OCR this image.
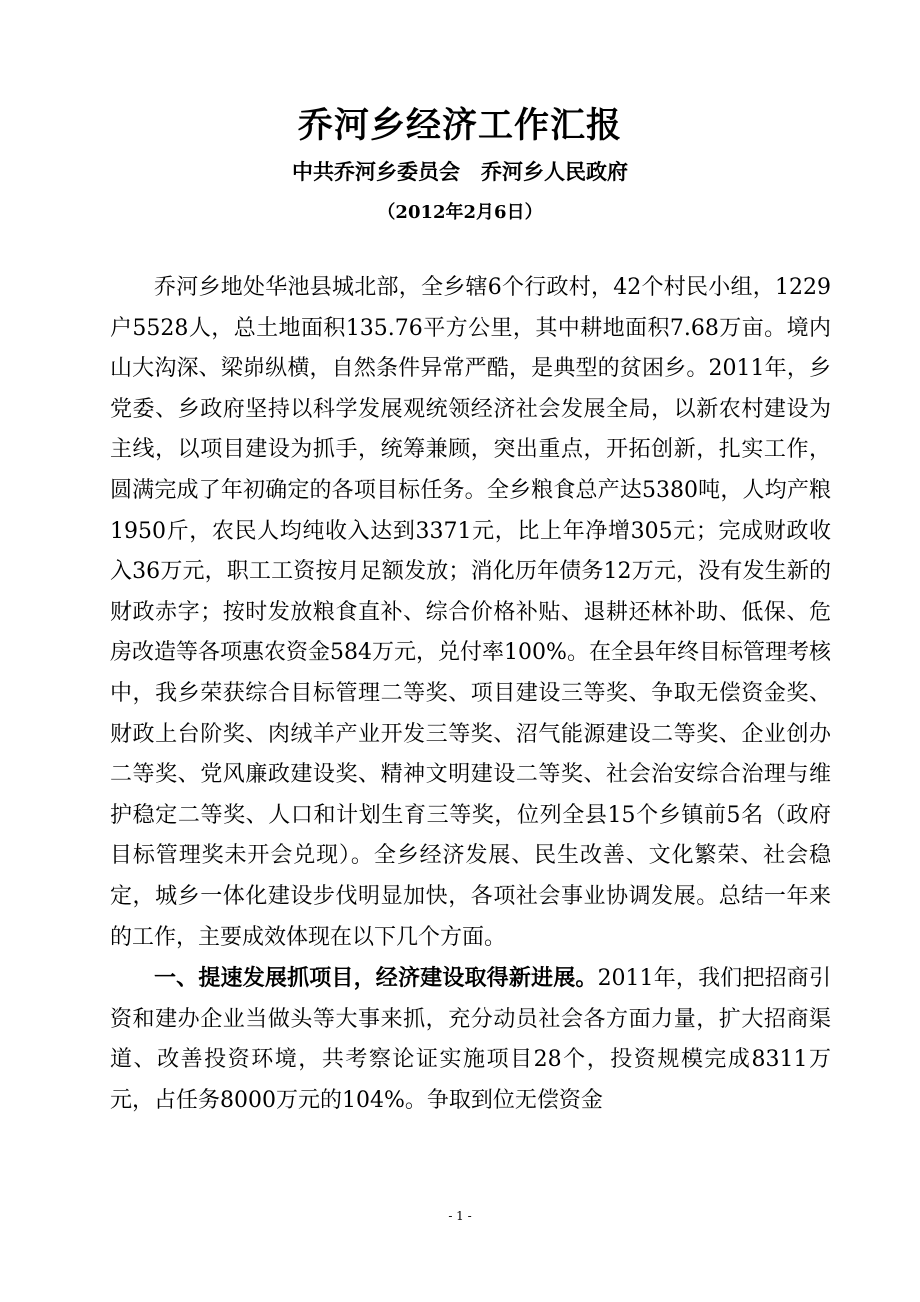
乔河乡经济工作汇报
中共乔河乡委员会　乔河乡人民政府
（2012年2月6日）

乔河乡地处华池县城北部，全乡辖6个行政村，42个村民小组，1229户5528人，总土地面积135.76平方公里，其中耕地面积7.68万亩。境内山大沟深、梁峁纵横，自然条件异常严酷，是典型的贫困乡。2011年，乡党委、乡政府坚持以科学发展观统领经济社会发展全局，以新农村建设为主线，以项目建设为抓手，统筹兼顾，突出重点，开拓创新，扎实工作，圆满完成了年初确定的各项目标任务。全乡粮食总产达5380吨，人均产粮1950斤，农民人均纯收入达到3371元，比上年净增305元；完成财政收入36万元，职工工资按月足额发放；消化历年债务12万元，没有发生新的财政赤字；按时发放粮食直补、综合价格补贴、退耕还林补助、低保、危房改造等各项惠农资金584万元，兑付率100%。在全县年终目标管理考核中，我乡荣获综合目标管理二等奖、项目建设三等奖、争取无偿资金奖、财政上台阶奖、肉绒羊产业开发三等奖、沼气能源建设二等奖、企业创办二等奖、党风廉政建设奖、精神文明建设二等奖、社会治安综合治理与维护稳定二等奖、人口和计划生育三等奖，位列全县15个乡镇前5名（政府目标管理奖未开会兑现）。全乡经济发展、民生改善、文化繁荣、社会稳定，城乡一体化建设步伐明显加快，各项社会事业协调发展。总结一年来的工作，主要成效体现在以下几个方面。

一、提速发展抓项目，经济建设取得新进展。2011年，我们把招商引资和建办企业当做头等大事来抓，充分动员社会各方面力量，扩大招商渠道、改善投资环境，共考察论证实施项目28个，投资规模完成8311万元，占任务8000万元的104%。争取到位无偿资金

- 1 -
